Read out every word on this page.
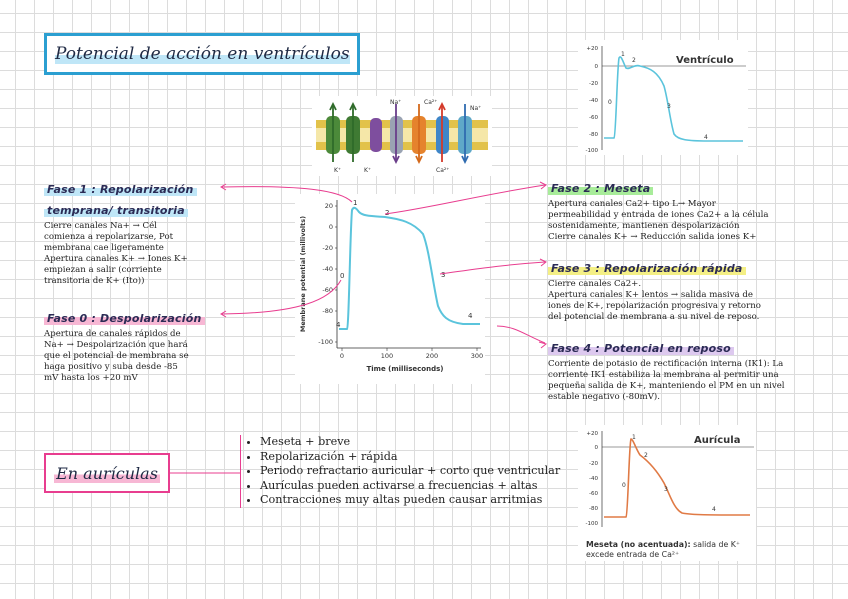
Potencial de acción en ventrículos
Na⁺	Ca²⁺
K⁺	K⁺
Na⁺
Ca²⁺
20
0
-20
-40
-60
-80
-100
0	100	200	300
Time (milliseconds)
Membrane potential (millivolts)	0
1
2
3
4
4
+20
0
-20
-40
-60
-80
-100
Ventrículo
0
1
2
3
4
Fase 1 : Repolarización
temprana/ transitoria
Cierre canales Na+ → Cél
comienza a repolarizarse, Pot
membrana cae ligeramente
Apertura canales K+ → Iones K+
empiezan a salir (corriente
transitoria de K+ (Ito))
Fase 0 : Despolarización
Apertura de canales rápidos de
Na+ → Despolarización que hará
que el potencial de membrana se
haga positivo y suba desde -85
mV hasta los +20 mV
Fase 2 : Meseta
Apertura canales Ca2+ tipo L→ Mayor
permeabilidad y entrada de iones Ca2+ a la célula
sostenidamente, mantienen despolarización
Cierre canales K+ → Reducción salida iones K+
Fase 3 : Repolarización rápida
Cierre canales Ca2+.
Apertura canales K+ lentos → salida masiva de
iones de K+, repolarización progresiva y retorno
del potencial de membrana a su nivel de reposo.
Fase 4 : Potencial en reposo
Corriente de potasio de rectificación interna (IK1): La
corriente IK1 estabiliza la membrana al permitir una
pequeña salida de K+, manteniendo el PM en un nivel
estable negativo (-80mV).
En aurículas
• Meseta + breve
• Repolarización + rápida
• Periodo refractario auricular + corto que ventricular
• Aurículas pueden activarse a frecuencias + altas
• Contracciones muy altas pueden causar arritmias
+20
0
-20
-40
-60
-80
-100
Aurícula
0
1
2
3
4
Meseta (no acentuada): salida de K⁺ excede entrada de Ca²⁺
